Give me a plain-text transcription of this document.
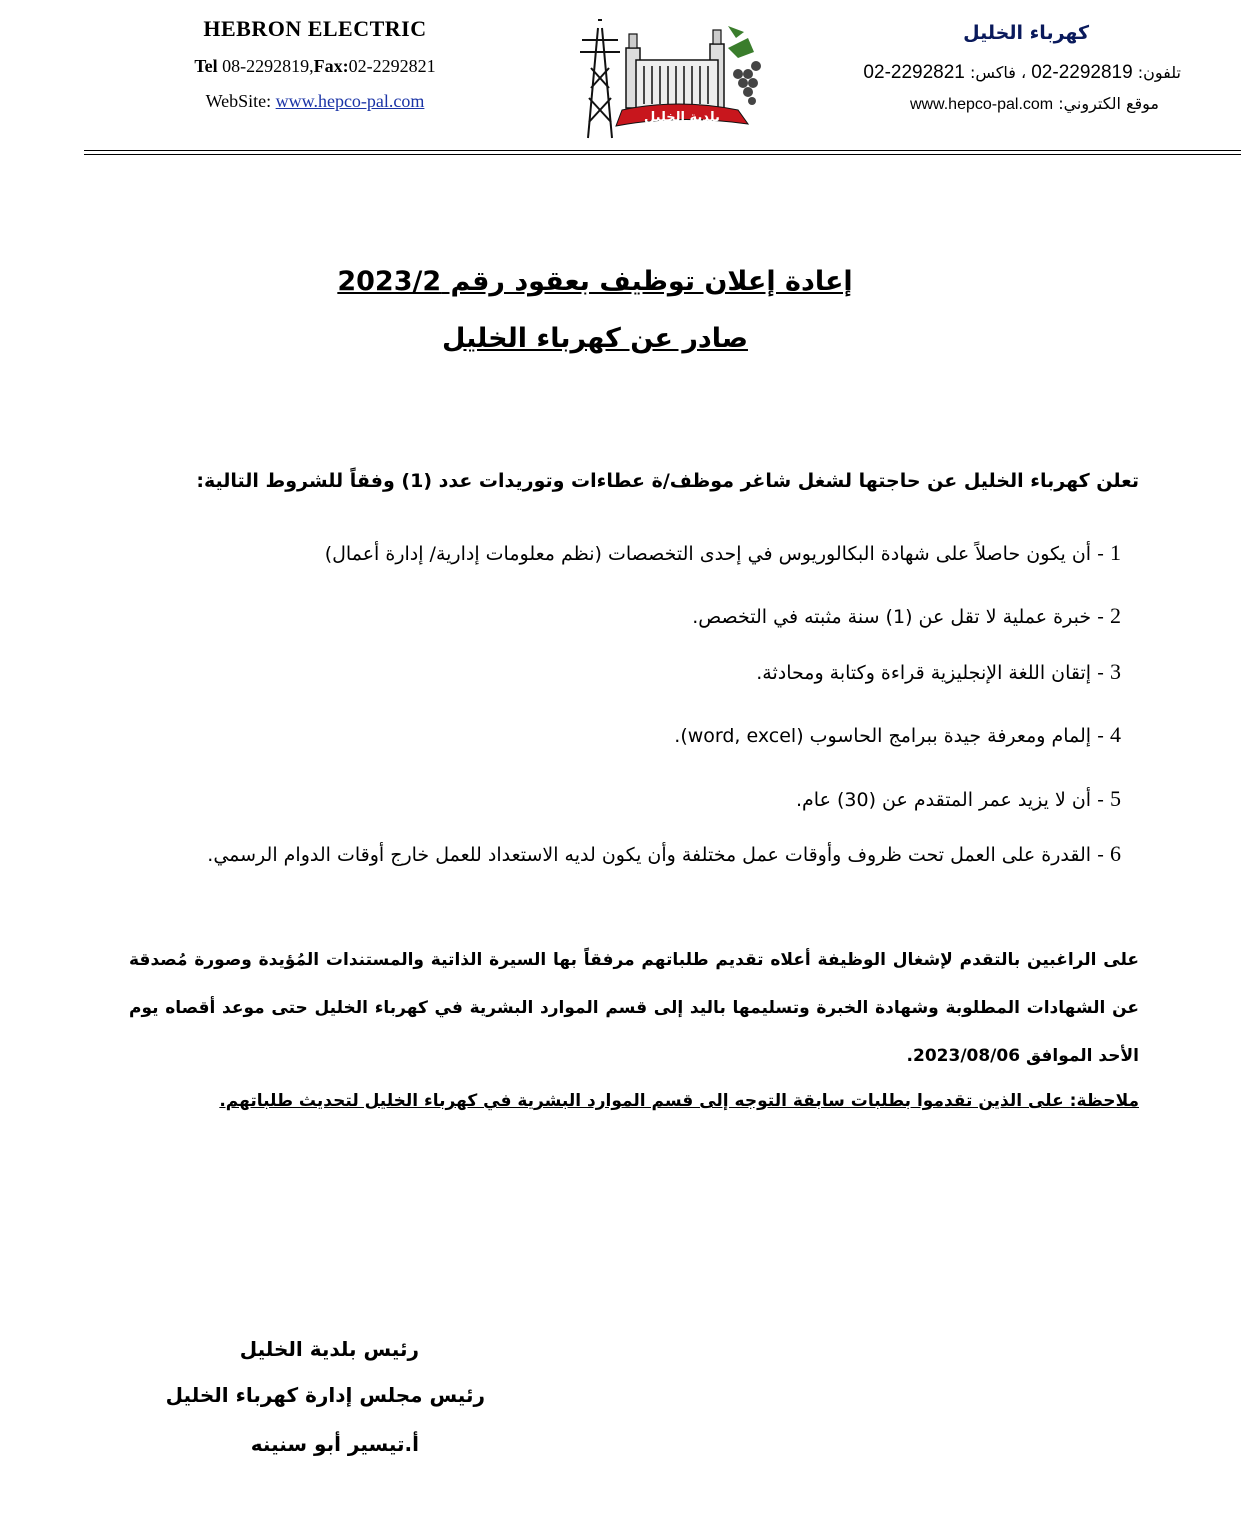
HEBRON ELECTRIC
Tel 08-2292819,Fax:02-2292821
WebSite: www.hepco-pal.com
بلدية الخليل
كهرباء الخليل
تلفون: 2292819-02 ، فاكس: 2292821-02
موقع الكتروني: www.hepco-pal.com
إعادة إعلان توظيف بعقود رقم 2023/2
صادر عن كهرباء الخليل
تعلن كهرباء الخليل عن حاجتها لشغل شاغر موظف/ة عطاءات وتوريدات عدد (1) وفقاً للشروط التالية:
1 - أن يكون حاصلاً على شهادة البكالوريوس في إحدى التخصصات (نظم معلومات إدارية/ إدارة أعمال)
2 - خبرة عملية لا تقل عن (1) سنة مثبته في التخصص.
3 - إتقان اللغة الإنجليزية قراءة وكتابة ومحادثة.
4 - إلمام ومعرفة جيدة ببرامج الحاسوب (word, excel).
5 - أن لا يزيد عمر المتقدم عن (30) عام.
6 - القدرة على العمل تحت ظروف وأوقات عمل مختلفة وأن يكون لديه الاستعداد للعمل خارج أوقات الدوام الرسمي.
على الراغبين بالتقدم لإشغال الوظيفة أعلاه تقديم طلباتهم مرفقاً بها السيرة الذاتية والمستندات المُؤيدة وصورة مُصدقة عن الشهادات المطلوبة وشهادة الخبرة وتسليمها باليد إلى قسم الموارد البشرية في كهرباء الخليل حتى موعد أقصاه يوم الأحد الموافق 2023/08/06.
ملاحظة: على الذين تقدموا بطلبات سابقة التوجه إلى قسم الموارد البشرية في كهرباء الخليل لتحديث طلباتهم.
رئيس بلدية الخليل
رئيس مجلس إدارة كهرباء الخليل
أ.تيسير أبو سنينه
